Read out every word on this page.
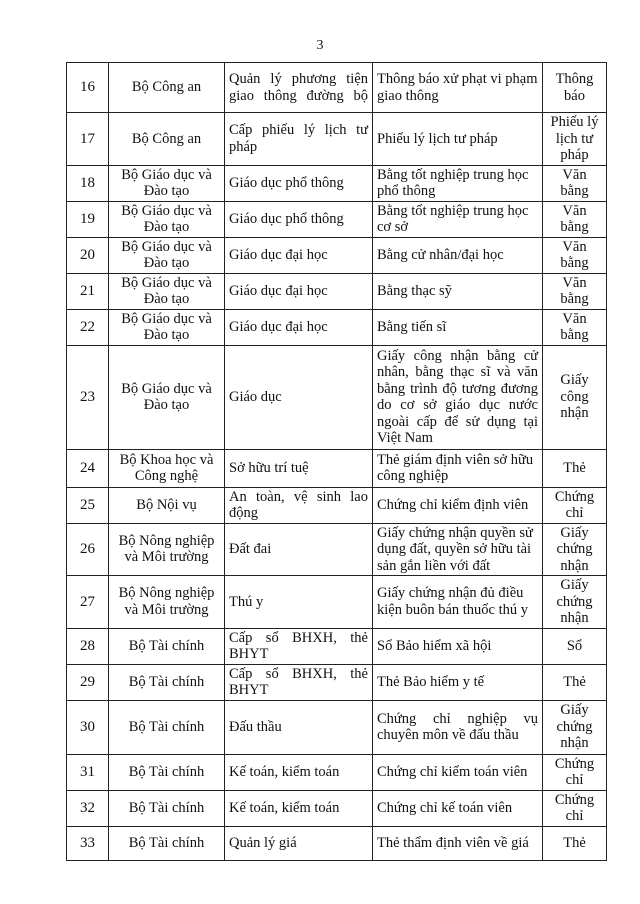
3
16	Bộ Công an	Quản lý phương tiện giao thông đường bộ	Thông báo xử phạt vi phạm giao thông	Thông báo
17	Bộ Công an	Cấp phiếu lý lịch tư pháp	Phiếu lý lịch tư pháp	Phiếu lý lịch tư pháp
18	Bộ Giáo dục và Đào tạo	Giáo dục phổ thông	Bằng tốt nghiệp trung học phổ thông	Văn bằng
19	Bộ Giáo dục và Đào tạo	Giáo dục phổ thông	Bằng tốt nghiệp trung học cơ sở	Văn bằng
20	Bộ Giáo dục và Đào tạo	Giáo dục đại học	Bằng cử nhân/đại học	Văn bằng
21	Bộ Giáo dục và Đào tạo	Giáo dục đại học	Bằng thạc sỹ	Văn bằng
22	Bộ Giáo dục và Đào tạo	Giáo dục đại học	Bằng tiến sĩ	Văn bằng
23	Bộ Giáo dục và Đào tạo	Giáo dục	Giấy công nhận bằng cử nhân, bằng thạc sĩ và văn bằng trình độ tương đương do cơ sở giáo dục nước ngoài cấp để sử dụng tại Việt Nam	Giấy công nhận
24	Bộ Khoa học và Công nghệ	Sở hữu trí tuệ	Thẻ giám định viên sở hữu công nghiệp	Thẻ
25	Bộ Nội vụ	An toàn, vệ sinh lao động	Chứng chỉ kiểm định viên	Chứng chỉ
26	Bộ Nông nghiệp và Môi trường	Đất đai	Giấy chứng nhận quyền sử dụng đất, quyền sở hữu tài sản gắn liền với đất	Giấy chứng nhận
27	Bộ Nông nghiệp và Môi trường	Thú y	Giấy chứng nhận đủ điều kiện buôn bán thuốc thú y	Giấy chứng nhận
28	Bộ Tài chính	Cấp sổ BHXH, thẻ BHYT	Sổ Bảo hiểm xã hội	Sổ
29	Bộ Tài chính	Cấp sổ BHXH, thẻ BHYT	Thẻ Bảo hiểm y tế	Thẻ
30	Bộ Tài chính	Đấu thầu	Chứng chỉ nghiệp vụ chuyên môn về đấu thầu	Giấy chứng nhận
31	Bộ Tài chính	Kế toán, kiểm toán	Chứng chỉ kiểm toán viên	Chứng chỉ
32	Bộ Tài chính	Kế toán, kiểm toán	Chứng chỉ kế toán viên	Chứng chỉ
33	Bộ Tài chính	Quản lý giá	Thẻ thẩm định viên về giá	Thẻ
